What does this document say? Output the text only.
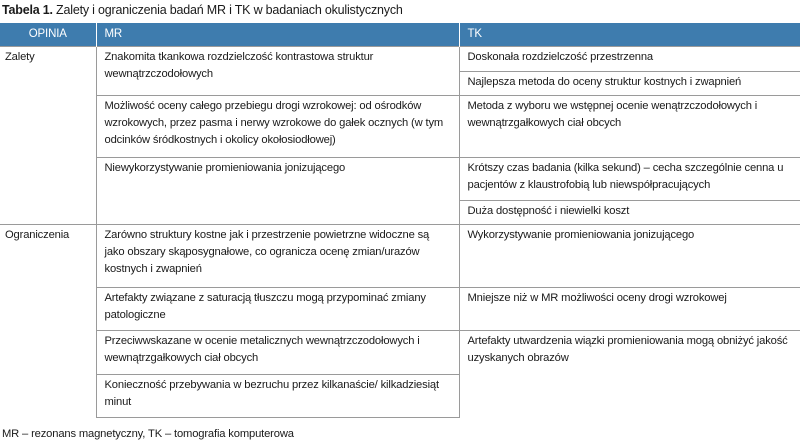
Tabela 1. Zalety i ograniczenia badań MR i TK w badaniach okulistycznych
OPINIA	MR	TK
Zalety	Znakomita tkankowa rozdzielczość kontrastowa struktur wewnątrzczodołowych	Doskonała rozdzielczość przestrzenna
		Najlepsza metoda do oceny struktur kostnych i zwapnień
	Możliwość oceny całego przebiegu drogi wzrokowej: od ośrodków wzrokowych, przez pasma i nerwy wzrokowe do gałek ocznych (w tym odcinków śródkostnych i okolicy okołosiodłowej)	Metoda z wyboru we wstępnej ocenie wenątrzczodołowych i wewnątrzgałkowych ciał obcych
	Niewykorzystywanie promieniowania jonizującego	Krótszy czas badania (kilka sekund) – cecha szczególnie cenna u pacjentów z klaustrofobią lub niewspółpracujących
		Duża dostępność i niewielki koszt
Ograniczenia	Zarówno struktury kostne jak i przestrzenie powietrzne widoczne są jako obszary skąposygnałowe, co ogranicza ocenę zmian/urazów kostnych i zwapnień	Wykorzystywanie promieniowania jonizującego
	Artefakty związane z saturacją tłuszczu mogą przypominać zmiany patologiczne	Mniejsze niż w MR możliwości oceny drogi wzrokowej
	Przeciwwskazane w ocenie metalicznych wewnątrzczodołowych i wewnątrzgałkowych ciał obcych	Artefakty utwardzenia wiązki promieniowania mogą obniżyć jakość uzyskanych obrazów
	Konieczność przebywania w bezruchu przez kilkanaście/ kilkadziesiąt minut	
MR – rezonans magnetyczny, TK – tomografia komputerowa
